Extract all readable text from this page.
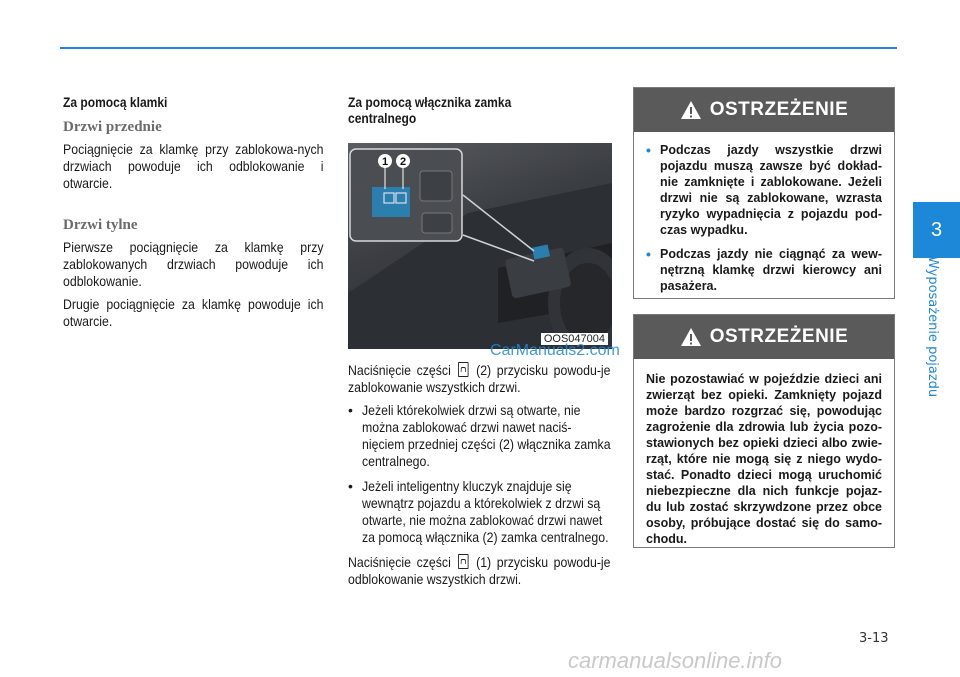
Za pomocą klamki
Drzwi przednie

Pociągnięcie za klamkę przy zablokowa-nych drzwiach powoduje ich odblokowanie i otwarcie.

Drzwi tylne

Pierwsze pociągnięcie za klamkę przy zablokowanych drzwiach powoduje ich odblokowanie.

Drugie pociągnięcie za klamkę powoduje ich otwarcie.

Za pomocą włącznika zamka
centralnego
1 2
OOS047004
CarManuals2.com

Naciśnięcie części (2) przycisku powodu-je zablokowanie wszystkich drzwi.

• Jeżeli którekolwiek drzwi są otwarte, nie można zablokować drzwi nawet naciś-nięciem przedniej części (2) włącznika zamka centralnego.
• Jeżeli inteligentny kluczyk znajduje się wewnątrz pojazdu a którekolwiek z drzwi są otwarte, nie można zablokować drzwi nawet za pomocą włącznika (2) zamka centralnego.

Naciśnięcie części (1) przycisku powodu-je odblokowanie wszystkich drzwi.

OSTRZEŻENIE
• Podczas jazdy wszystkie drzwi pojazdu muszą zawsze być dokład-nie zamknięte i zablokowane. Jeżeli drzwi nie są zablokowane, wzrasta ryzyko wypadnięcia z pojazdu pod-czas wypadku.
• Podczas jazdy nie ciągnąć za wew-nętrzną klamkę drzwi kierowcy ani pasażera.
OSTRZEŻENIE
Nie pozostawiać w pojeździe dzieci ani zwierząt bez opieki. Zamknięty pojazd może bardzo rozgrzać się, powodując zagrożenie dla zdrowia lub życia pozo-stawionych bez opieki dzieci albo zwie-rząt, które nie mogą się z niego wydo-stać. Ponadto dzieci mogą uruchomić niebezpieczne dla nich funkcje pojaz-du lub zostać skrzywdzone przez obce osoby, próbujące dostać się do samo-chodu.
3
Wyposażenie pojazdu
3-13
carmanualsonline.info
